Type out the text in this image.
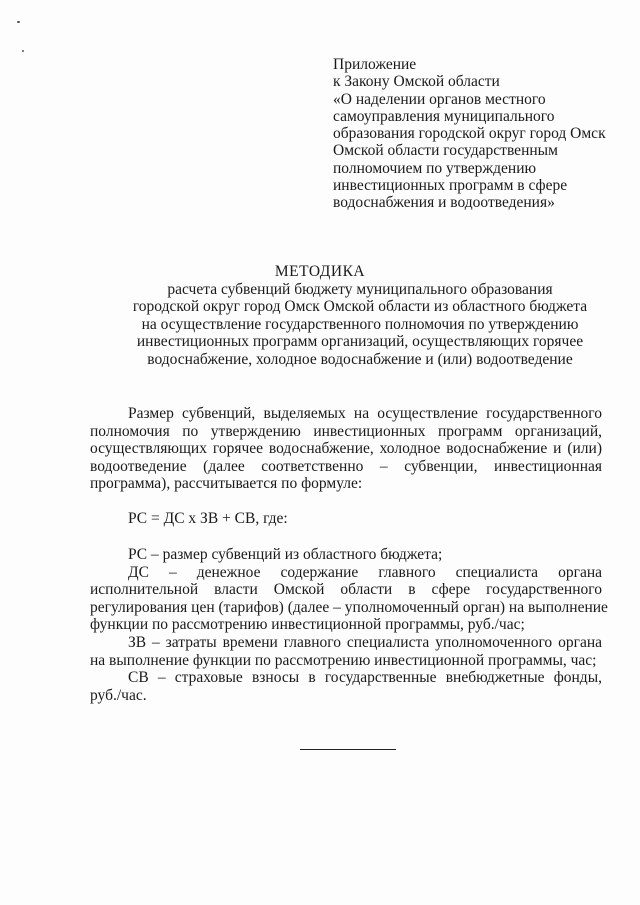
Приложение
к Закону Омской области
«О наделении органов местного
самоуправления муниципального
образования городской округ город Омск
Омской области государственным
полномочием по утверждению
инвестиционных программ в сфере
водоснабжения и водоотведения»
МЕТОДИКА
расчета субвенций бюджету муниципального образования
городской округ город Омск Омской области из областного бюджета
на осуществление государственного полномочия по утверждению
инвестиционных программ организаций, осуществляющих горячее
водоснабжение, холодное водоснабжение и (или) водоотведение
Размер субвенций, выделяемых на осуществление государственного
полномочия по утверждению инвестиционных программ организаций,
осуществляющих горячее водоснабжение, холодное водоснабжение и (или)
водоотведение (далее соответственно – субвенции, инвестиционная
программа), рассчитывается по формуле:
РС = ДС х ЗВ + СВ, где:
РС – размер субвенций из областного бюджета;
ДС – денежное содержание главного специалиста органа
исполнительной власти Омской области в сфере государственного
регулирования цен (тарифов) (далее – уполномоченный орган) на выполнение
функции по рассмотрению инвестиционной программы, руб./час;
ЗВ – затраты времени главного специалиста уполномоченного органа
на выполнение функции по рассмотрению инвестиционной программы, час;
СВ – страховые взносы в государственные внебюджетные фонды,
руб./час.
